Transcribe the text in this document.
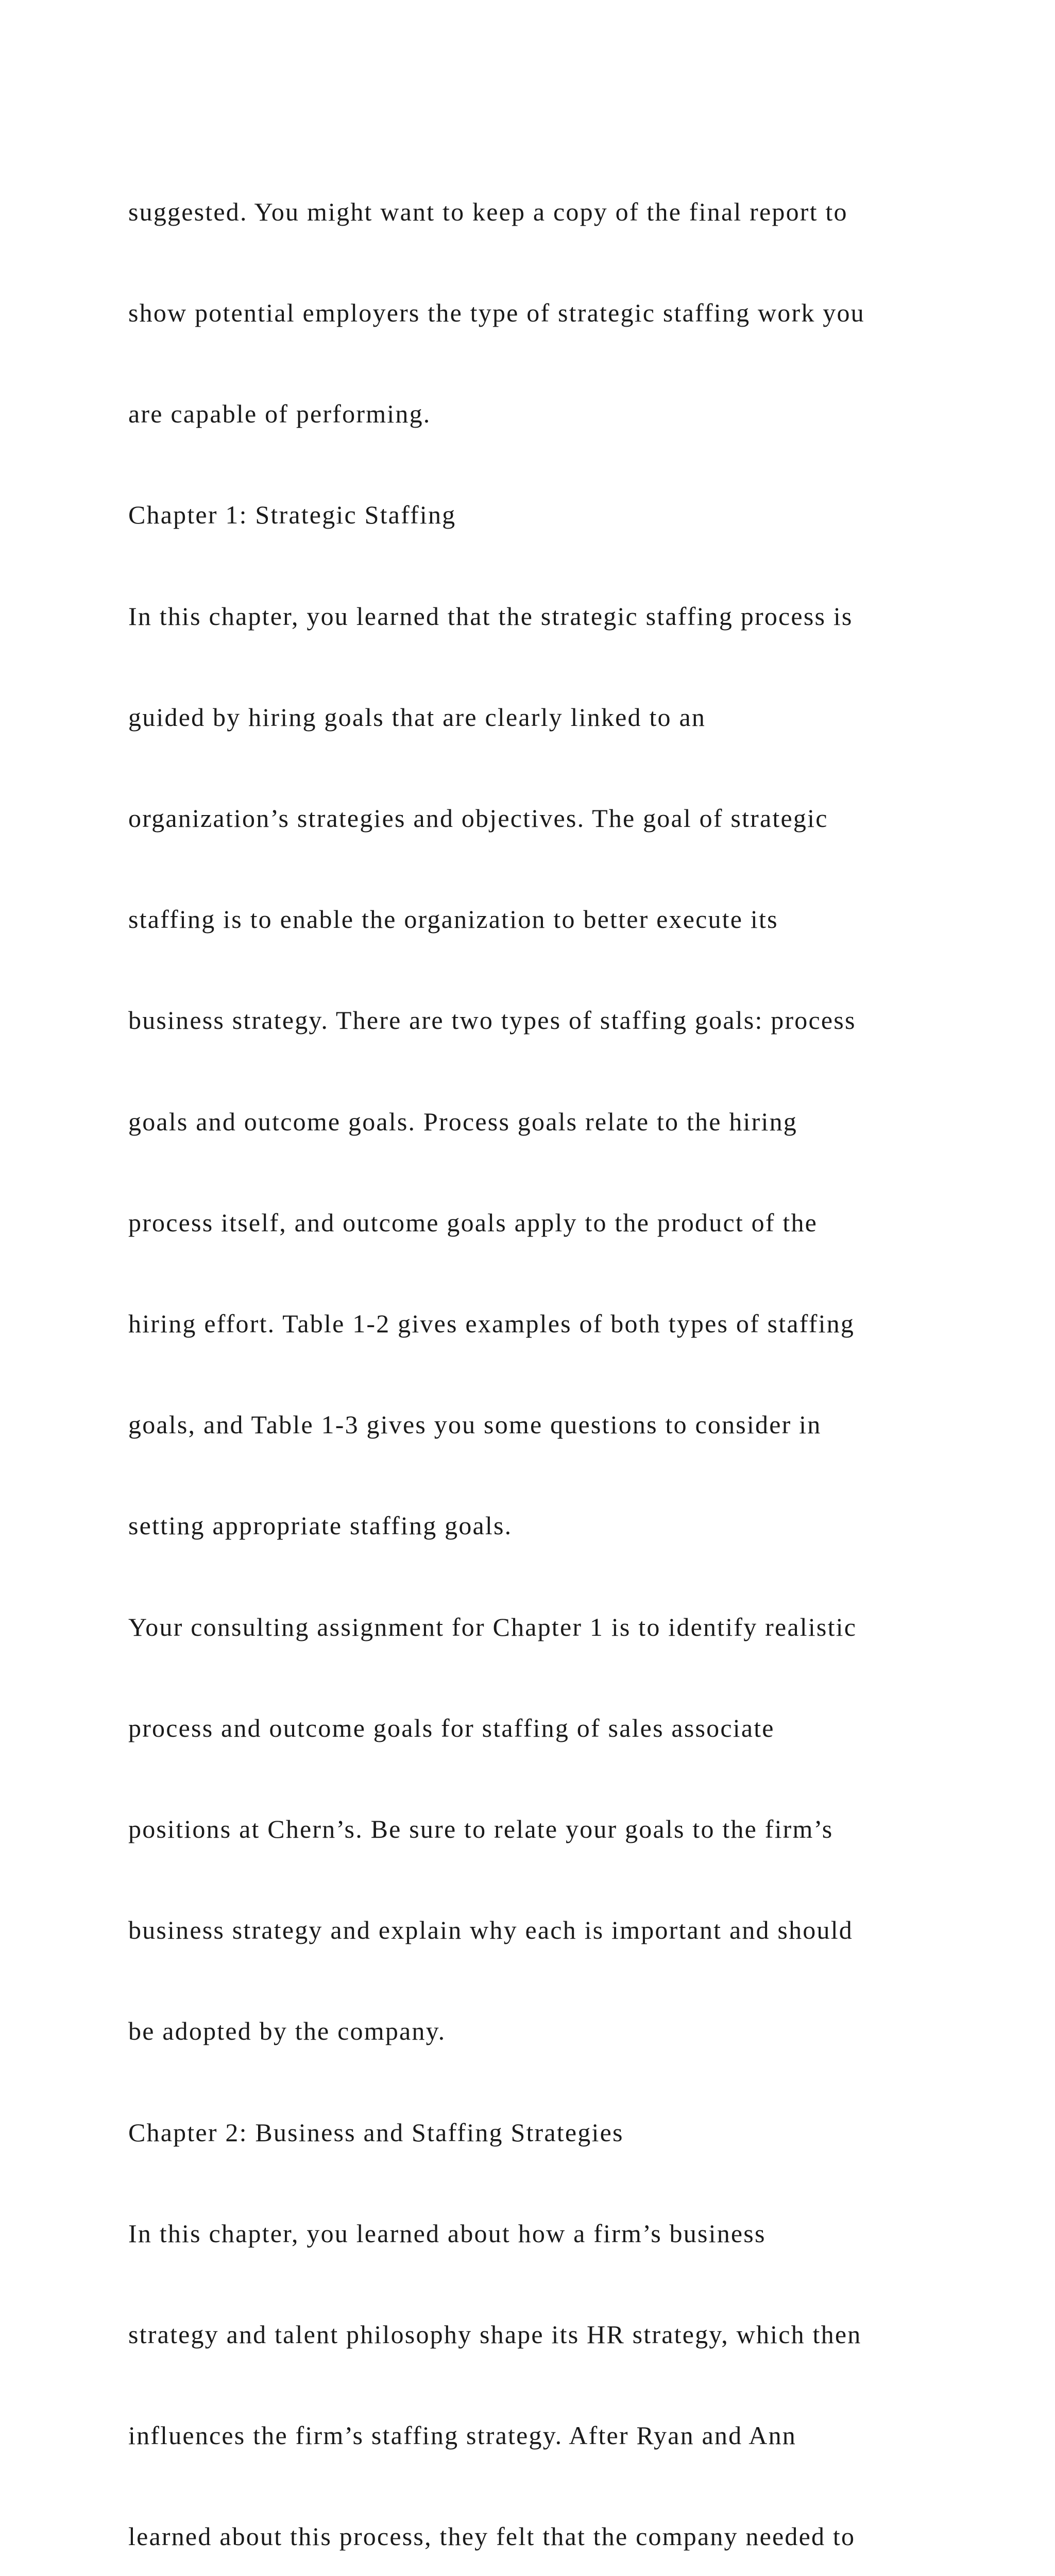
suggested. You might want to keep a copy of the final report to

show potential employers the type of strategic staffing work you

are capable of performing.

Chapter 1: Strategic Staffing

In this chapter, you learned that the strategic staffing process is

guided by hiring goals that are clearly linked to an

organization’s strategies and objectives. The goal of strategic

staffing is to enable the organization to better execute its

business strategy. There are two types of staffing goals: process

goals and outcome goals. Process goals relate to the hiring

process itself, and outcome goals apply to the product of the

hiring effort. Table 1-2 gives examples of both types of staffing

goals, and Table 1-3 gives you some questions to consider in

setting appropriate staffing goals.

Your consulting assignment for Chapter 1 is to identify realistic

process and outcome goals for staffing of sales associate

positions at Chern’s. Be sure to relate your goals to the firm’s

business strategy and explain why each is important and should

be adopted by the company.

Chapter 2: Business and Staffing Strategies

In this chapter, you learned about how a firm’s business

strategy and talent philosophy shape its HR strategy, which then

influences the firm’s staffing strategy. After Ryan and Ann

learned about this process, they felt that the company needed to
